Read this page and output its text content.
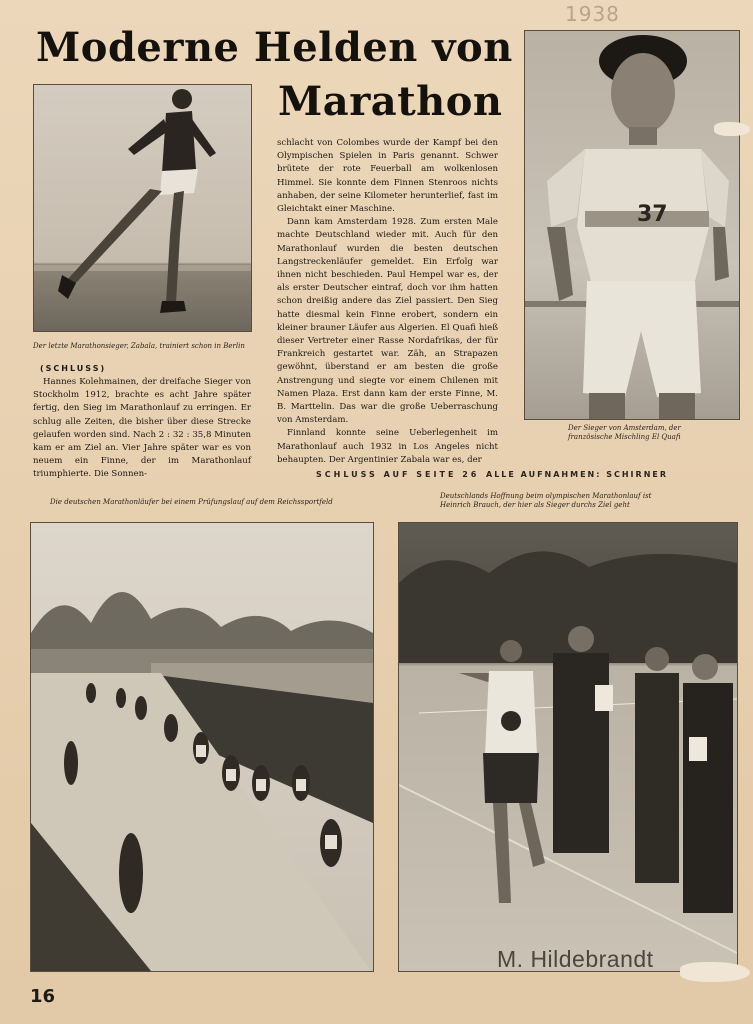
1938
Moderne Helden von
Marathon
Der letzte Marathonsieger, Zabala, trainiert schon in Berlin
(SCHLUSS)

Hannes Kolehmainen, der dreifache Sieger von Stockholm 1912, brachte es acht Jahre später fertig, den Sieg im Marathonlauf zu erringen. Er schlug alle Zeiten, die bisher über diese Strecke gelaufen worden sind. Nach 2 : 32 : 35,8 Minuten kam er am Ziel an. Vier Jahre später war es von neuem ein Finne, der im Marathonlauf triumphierte. Die Sonnen-

schlacht von Colombes wurde der Kampf bei den Olympischen Spielen in Paris genannt. Schwer brütete der rote Feuerball am wolkenlosen Himmel. Sie konnte dem Finnen Stenroos nichts anhaben, der seine Kilometer herunterlief, fast im Gleichtakt einer Maschine.

Dann kam Amsterdam 1928. Zum ersten Male machte Deutschland wieder mit. Auch für den Marathonlauf wurden die besten deutschen Langstreckenläufer gemeldet. Ein Erfolg war ihnen nicht beschieden. Paul Hempel war es, der als erster Deutscher eintraf, doch vor ihm hatten schon dreißig andere das Ziel passiert. Den Sieg hatte diesmal kein Finne erobert, sondern ein kleiner brauner Läufer aus Algerien. El Quafi hieß dieser Vertreter einer Rasse Nordafrikas, der für Frankreich gestartet war. Zäh, an Strapazen gewöhnt, überstand er am besten die große Anstrengung und siegte vor einem Chilenen mit Namen Plaza. Erst dann kam der erste Finne, M. B. Marttelin. Das war die große Ueberraschung von Amsterdam.

Finnland konnte seine Ueberlegenheit im Marathonlauf auch 1932 in Los Angeles nicht behaupten. Der Argentinier Zabala war es, der

SCHLUSS AUF SEITE 26 ALLE AUFNAHMEN: SCHIRNER
37
Der Sieger von Amsterdam, der
französische Mischling El Quafi
Die deutschen Marathonläufer bei einem Prüfungslauf auf dem Reichssportfeld
Deutschlands Hoffnung beim olympischen Marathonlauf ist
Heinrich Brauch, der hier als Sieger durchs Ziel geht
M. Hildebrandt
16
